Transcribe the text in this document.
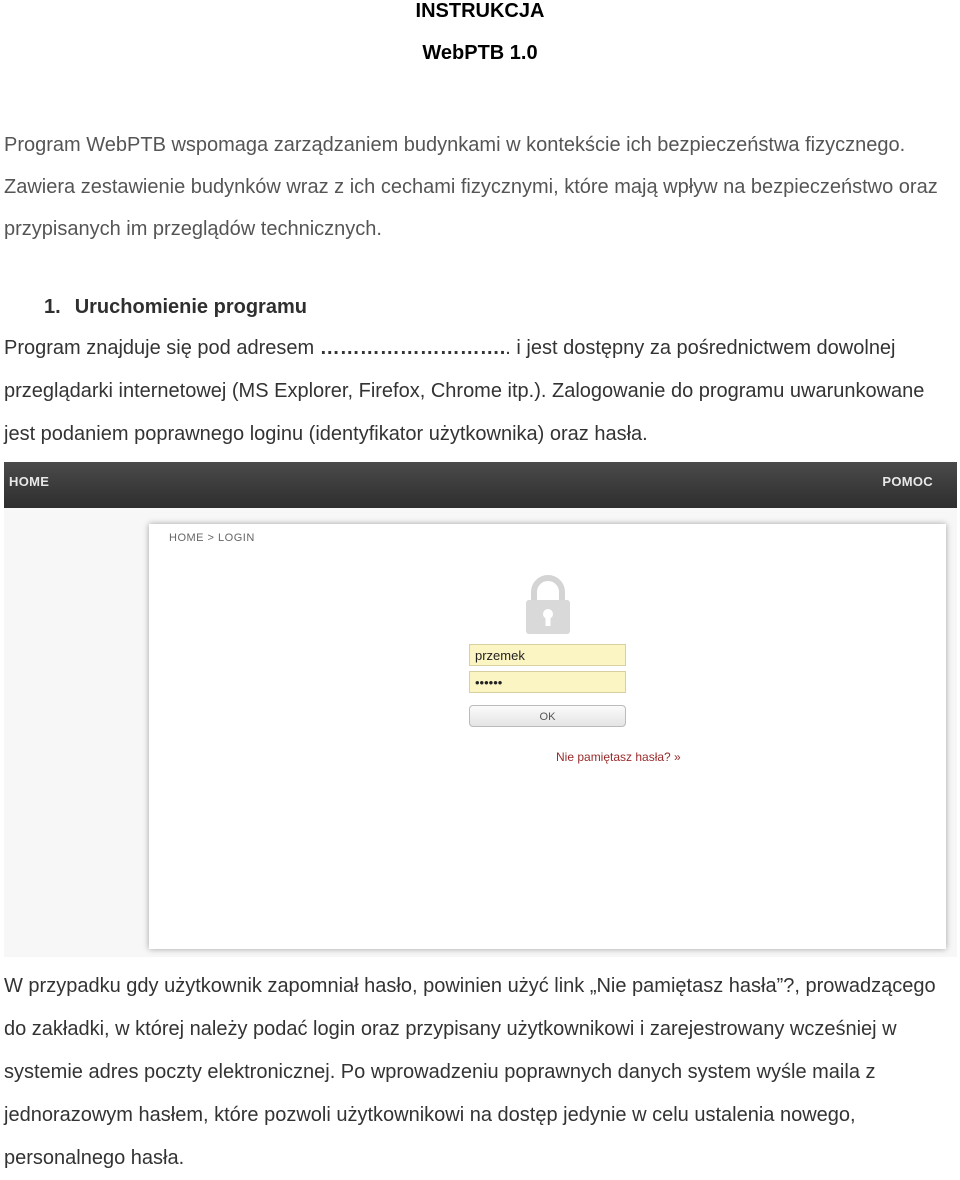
INSTRUKCJA
WebPTB 1.0
Program WebPTB wspomaga zarządzaniem budynkami w kontekście ich bezpieczeństwa fizycznego. Zawiera zestawienie budynków wraz z ich cechami fizycznymi, które mają wpływ na bezpieczeństwo oraz przypisanych im przeglądów technicznych.
1. Uruchomienie programu
Program znajduje się pod adresem ……………………….. i jest dostępny za pośrednictwem dowolnej przeglądarki internetowej (MS Explorer, Firefox, Chrome itp.). Zalogowanie do programu uwarunkowane jest podaniem poprawnego loginu (identyfikator użytkownika) oraz hasła.
HOME	POMOC
HOME > LOGIN
przemek
••••••
OK
Nie pamiętasz hasła? »
W przypadku gdy użytkownik zapomniał hasło, powinien użyć link „Nie pamiętasz hasła”?, prowadzącego do zakładki, w której należy podać login oraz przypisany użytkownikowi i zarejestrowany wcześniej w systemie adres poczty elektronicznej. Po wprowadzeniu poprawnych danych system wyśle maila z jednorazowym hasłem, które pozwoli użytkownikowi na dostęp jedynie w celu ustalenia nowego, personalnego hasła.
